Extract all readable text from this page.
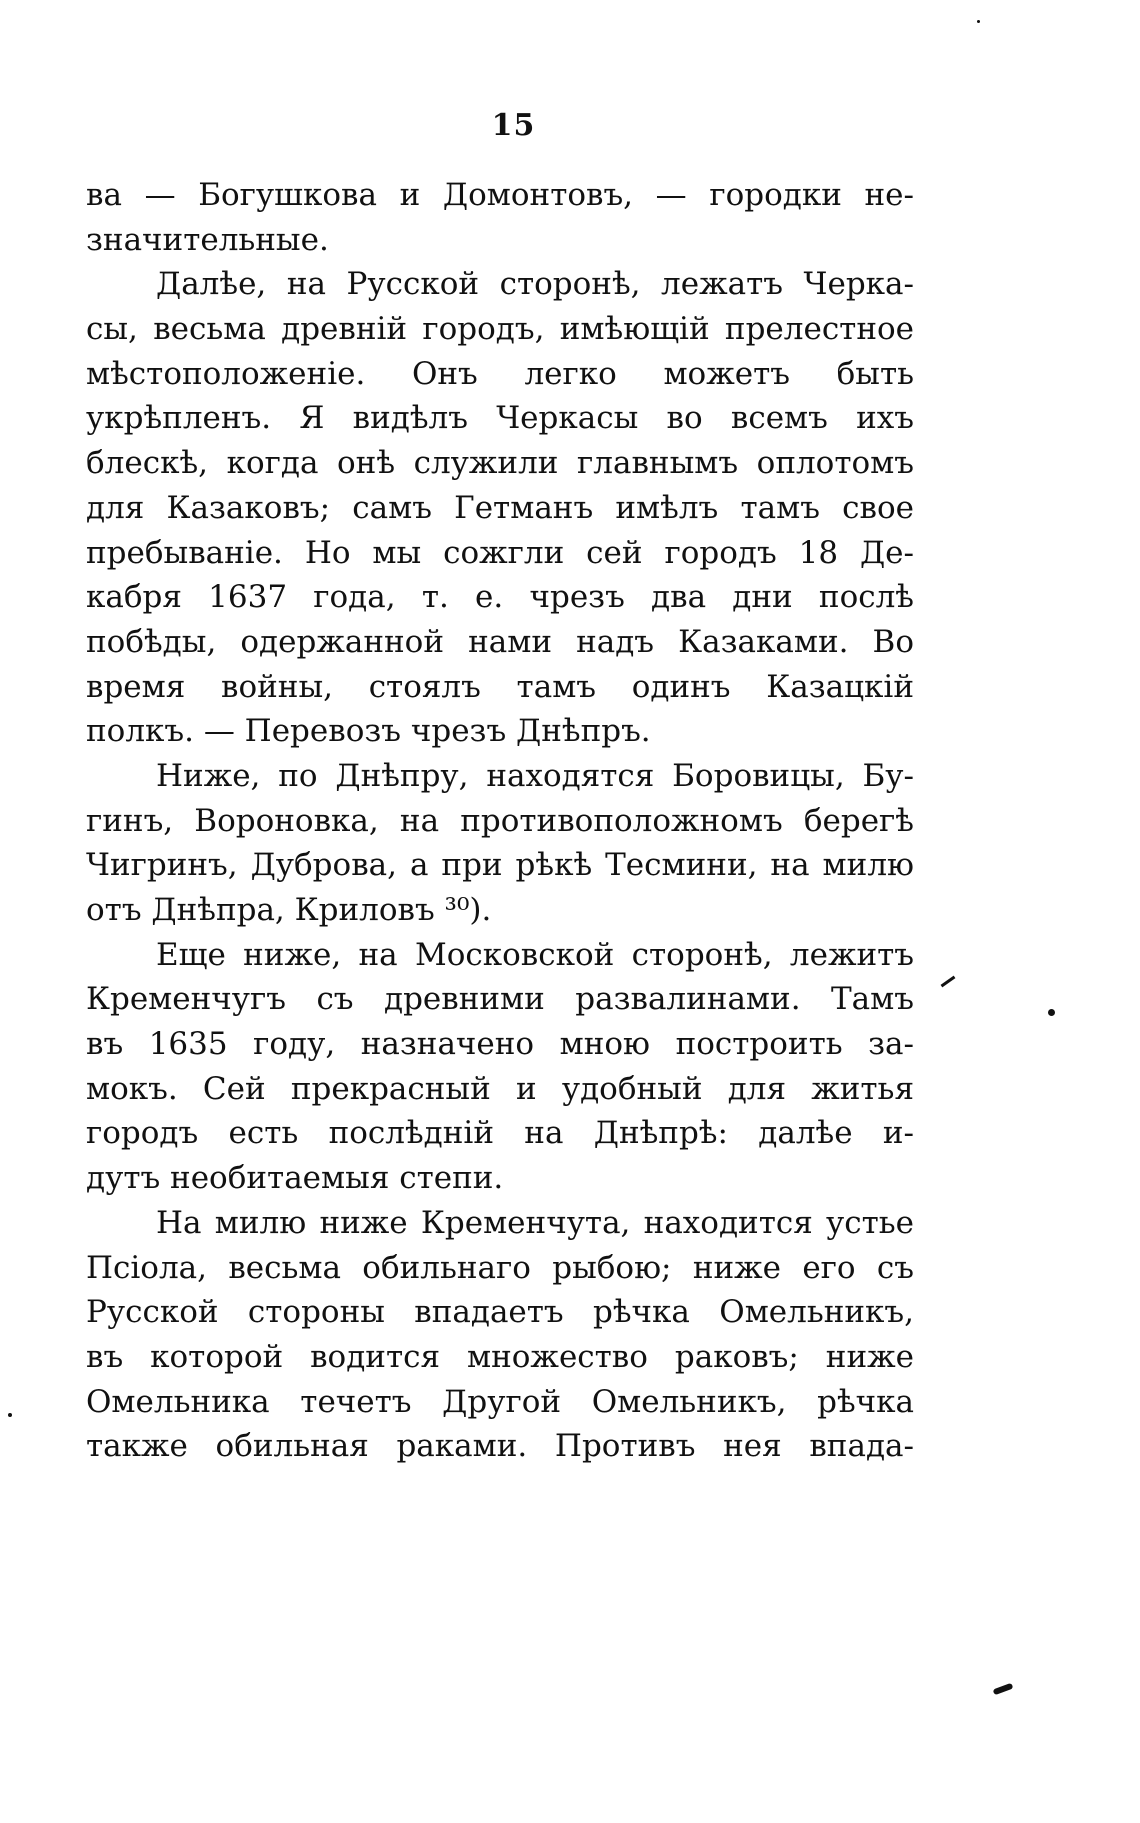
15
ва — Богушкова и Домонтовъ, — городки не-
значительные.
Далѣе, на Русской сторонѣ, лежатъ Черка-
сы, весьма древній городъ, имѣющій прелестное
мѣстоположеніе. Онъ легко можетъ быть
укрѣпленъ. Я видѣлъ Черкасы во всемъ ихъ
блескѣ, когда онѣ служили главнымъ оплотомъ
для Казаковъ; самъ Гетманъ имѣлъ тамъ свое
пребываніе. Но мы сожгли сей городъ 18 Де-
кабря 1637 года, т. е. чрезъ два дни послѣ
побѣды, одержанной нами надъ Казаками. Во
время войны, стоялъ тамъ одинъ Казацкій
полкъ. — Перевозъ чрезъ Днѣпръ.
Ниже, по Днѣпру, находятся Боровицы, Бу-
гинъ, Вороновка, на противоположномъ берегѣ
Чигринъ, Дуброва, а при рѣкѣ Тесмини, на милю
отъ Днѣпра, Криловъ ³⁰).
Еще ниже, на Московской сторонѣ, лежитъ
Кременчугъ съ древними развалинами. Тамъ
въ 1635 году, назначено мною построить за-
мокъ. Сей прекрасный и удобный для житья
городъ есть послѣдній на Днѣпрѣ: далѣе и-
дутъ необитаемыя степи.
На милю ниже Кременчута, находится устье
Псіола, весьма обильнаго рыбою; ниже его съ
Русской стороны впадаетъ рѣчка Омельникъ,
въ которой водится множество раковъ; ниже
Омельника течетъ Другой Омельникъ, рѣчка
также обильная раками. Противъ нея впада-
